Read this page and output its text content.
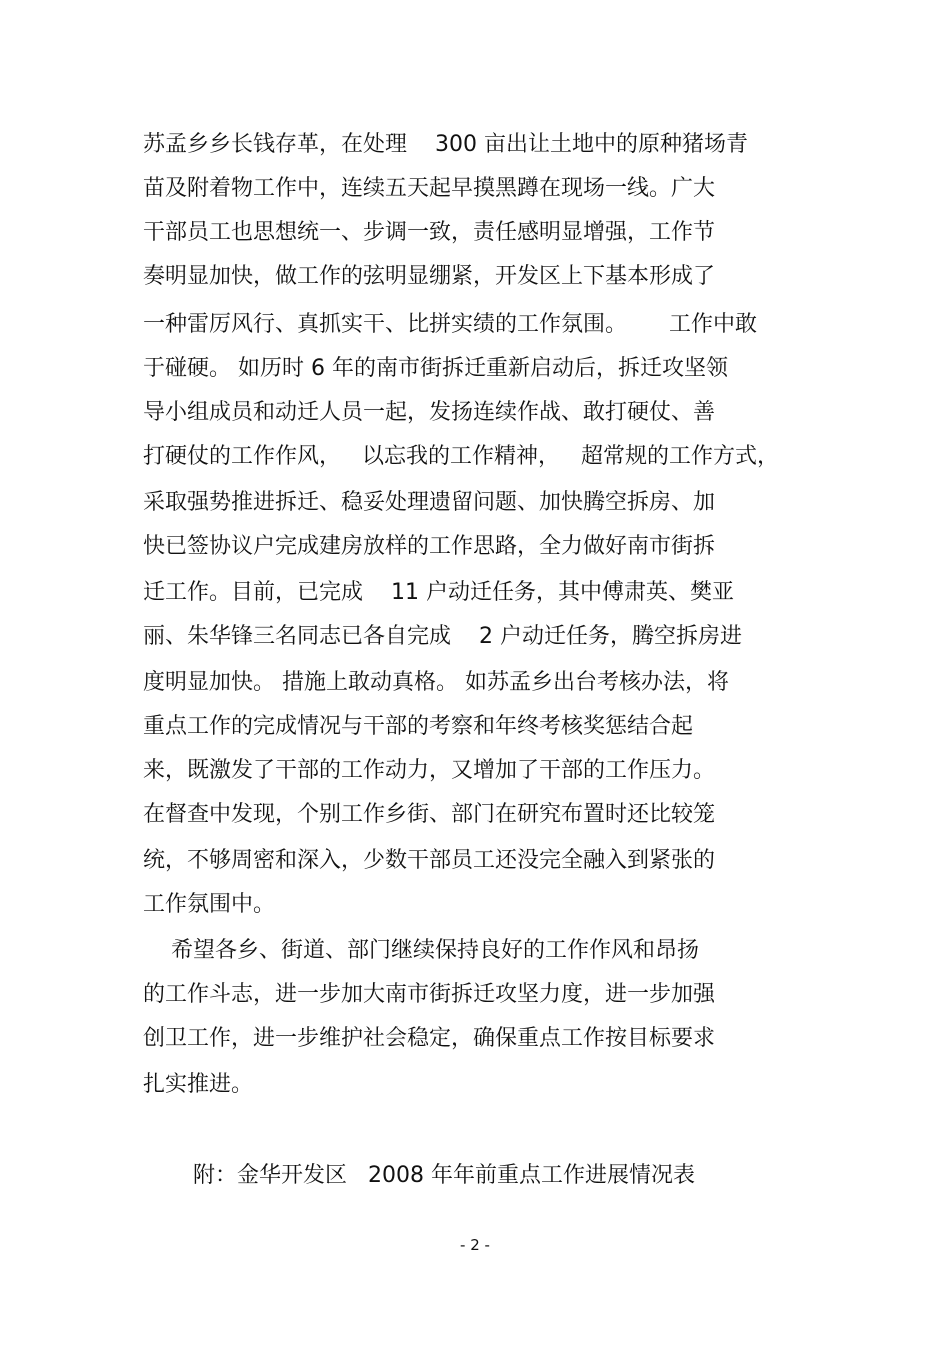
苏孟乡乡长钱存革，在处理    300 亩出让土地中的原种猪场青
苗及附着物工作中，连续五天起早摸黑蹲在现场一线。广大
干部员工也思想统一、步调一致，责任感明显增强，工作节
奏明显加快，做工作的弦明显绷紧，开发区上下基本形成了
一种雷厉风行、真抓实干、比拼实绩的工作氛围。      工作中敢
于碰硬。 如历时 6 年的南市街拆迁重新启动后，拆迁攻坚领
导小组成员和动迁人员一起，发扬连续作战、敢打硬仗、善
打硬仗的工作作风，   以忘我的工作精神，   超常规的工作方式，
采取强势推进拆迁、稳妥处理遗留问题、加快腾空拆房、加
快已签协议户完成建房放样的工作思路，全力做好南市街拆
迁工作。目前，已完成    11 户动迁任务，其中傅肃英、樊亚
丽、朱华锋三名同志已各自完成    2 户动迁任务，腾空拆房进
度明显加快。 措施上敢动真格。 如苏孟乡出台考核办法，将
重点工作的完成情况与干部的考察和年终考核奖惩结合起
来，既激发了干部的工作动力，又增加了干部的工作压力。
在督查中发现，个别工作乡街、部门在研究布置时还比较笼
统，不够周密和深入，少数干部员工还没完全融入到紧张的
工作氛围中。
希望各乡、街道、部门继续保持良好的工作作风和昂扬
的工作斗志，进一步加大南市街拆迁攻坚力度，进一步加强
创卫工作，进一步维护社会稳定，确保重点工作按目标要求
扎实推进。
附：金华开发区   2008 年年前重点工作进展情况表
- 2 -
